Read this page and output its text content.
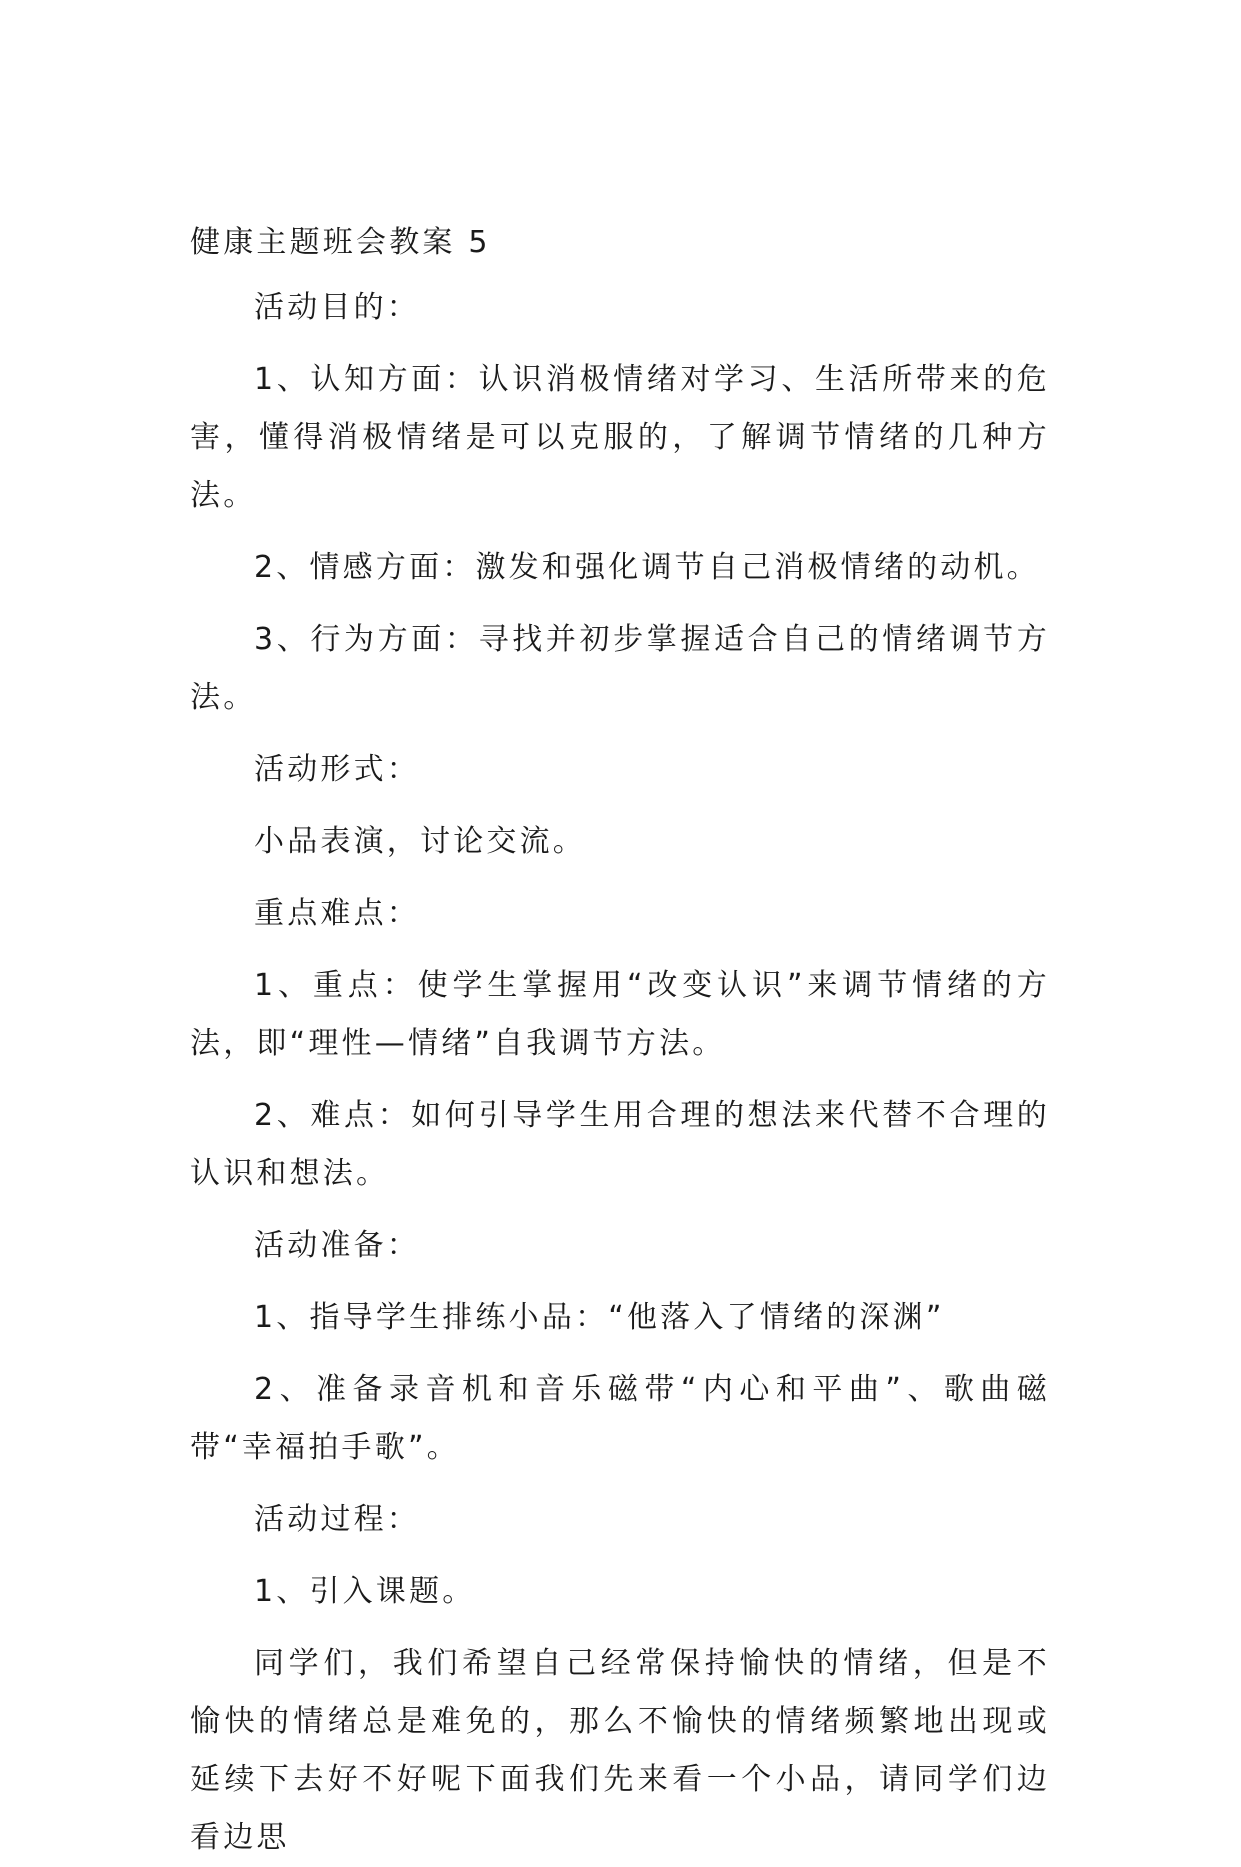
健康主题班会教案 5

活动目的：

1、认知方面：认识消极情绪对学习、生活所带来的危害，懂得消极情绪是可以克服的，了解调节情绪的几种方法。

2、情感方面：激发和强化调节自己消极情绪的动机。

3、行为方面：寻找并初步掌握适合自己的情绪调节方法。

活动形式：

小品表演，讨论交流。

重点难点：

1、重点：使学生掌握用“改变认识”来调节情绪的方法，即“理性—情绪”自我调节方法。

2、难点：如何引导学生用合理的想法来代替不合理的认识和想法。

活动准备：

1、指导学生排练小品：“他落入了情绪的深渊”

2、准备录音机和音乐磁带“内心和平曲”、歌曲磁带“幸福拍手歌”。

活动过程：

1、引入课题。

同学们，我们希望自己经常保持愉快的情绪，但是不愉快的情绪总是难免的，那么不愉快的情绪频繁地出现或延续下去好不好呢下面我们先来看一个小品，请同学们边看边思
